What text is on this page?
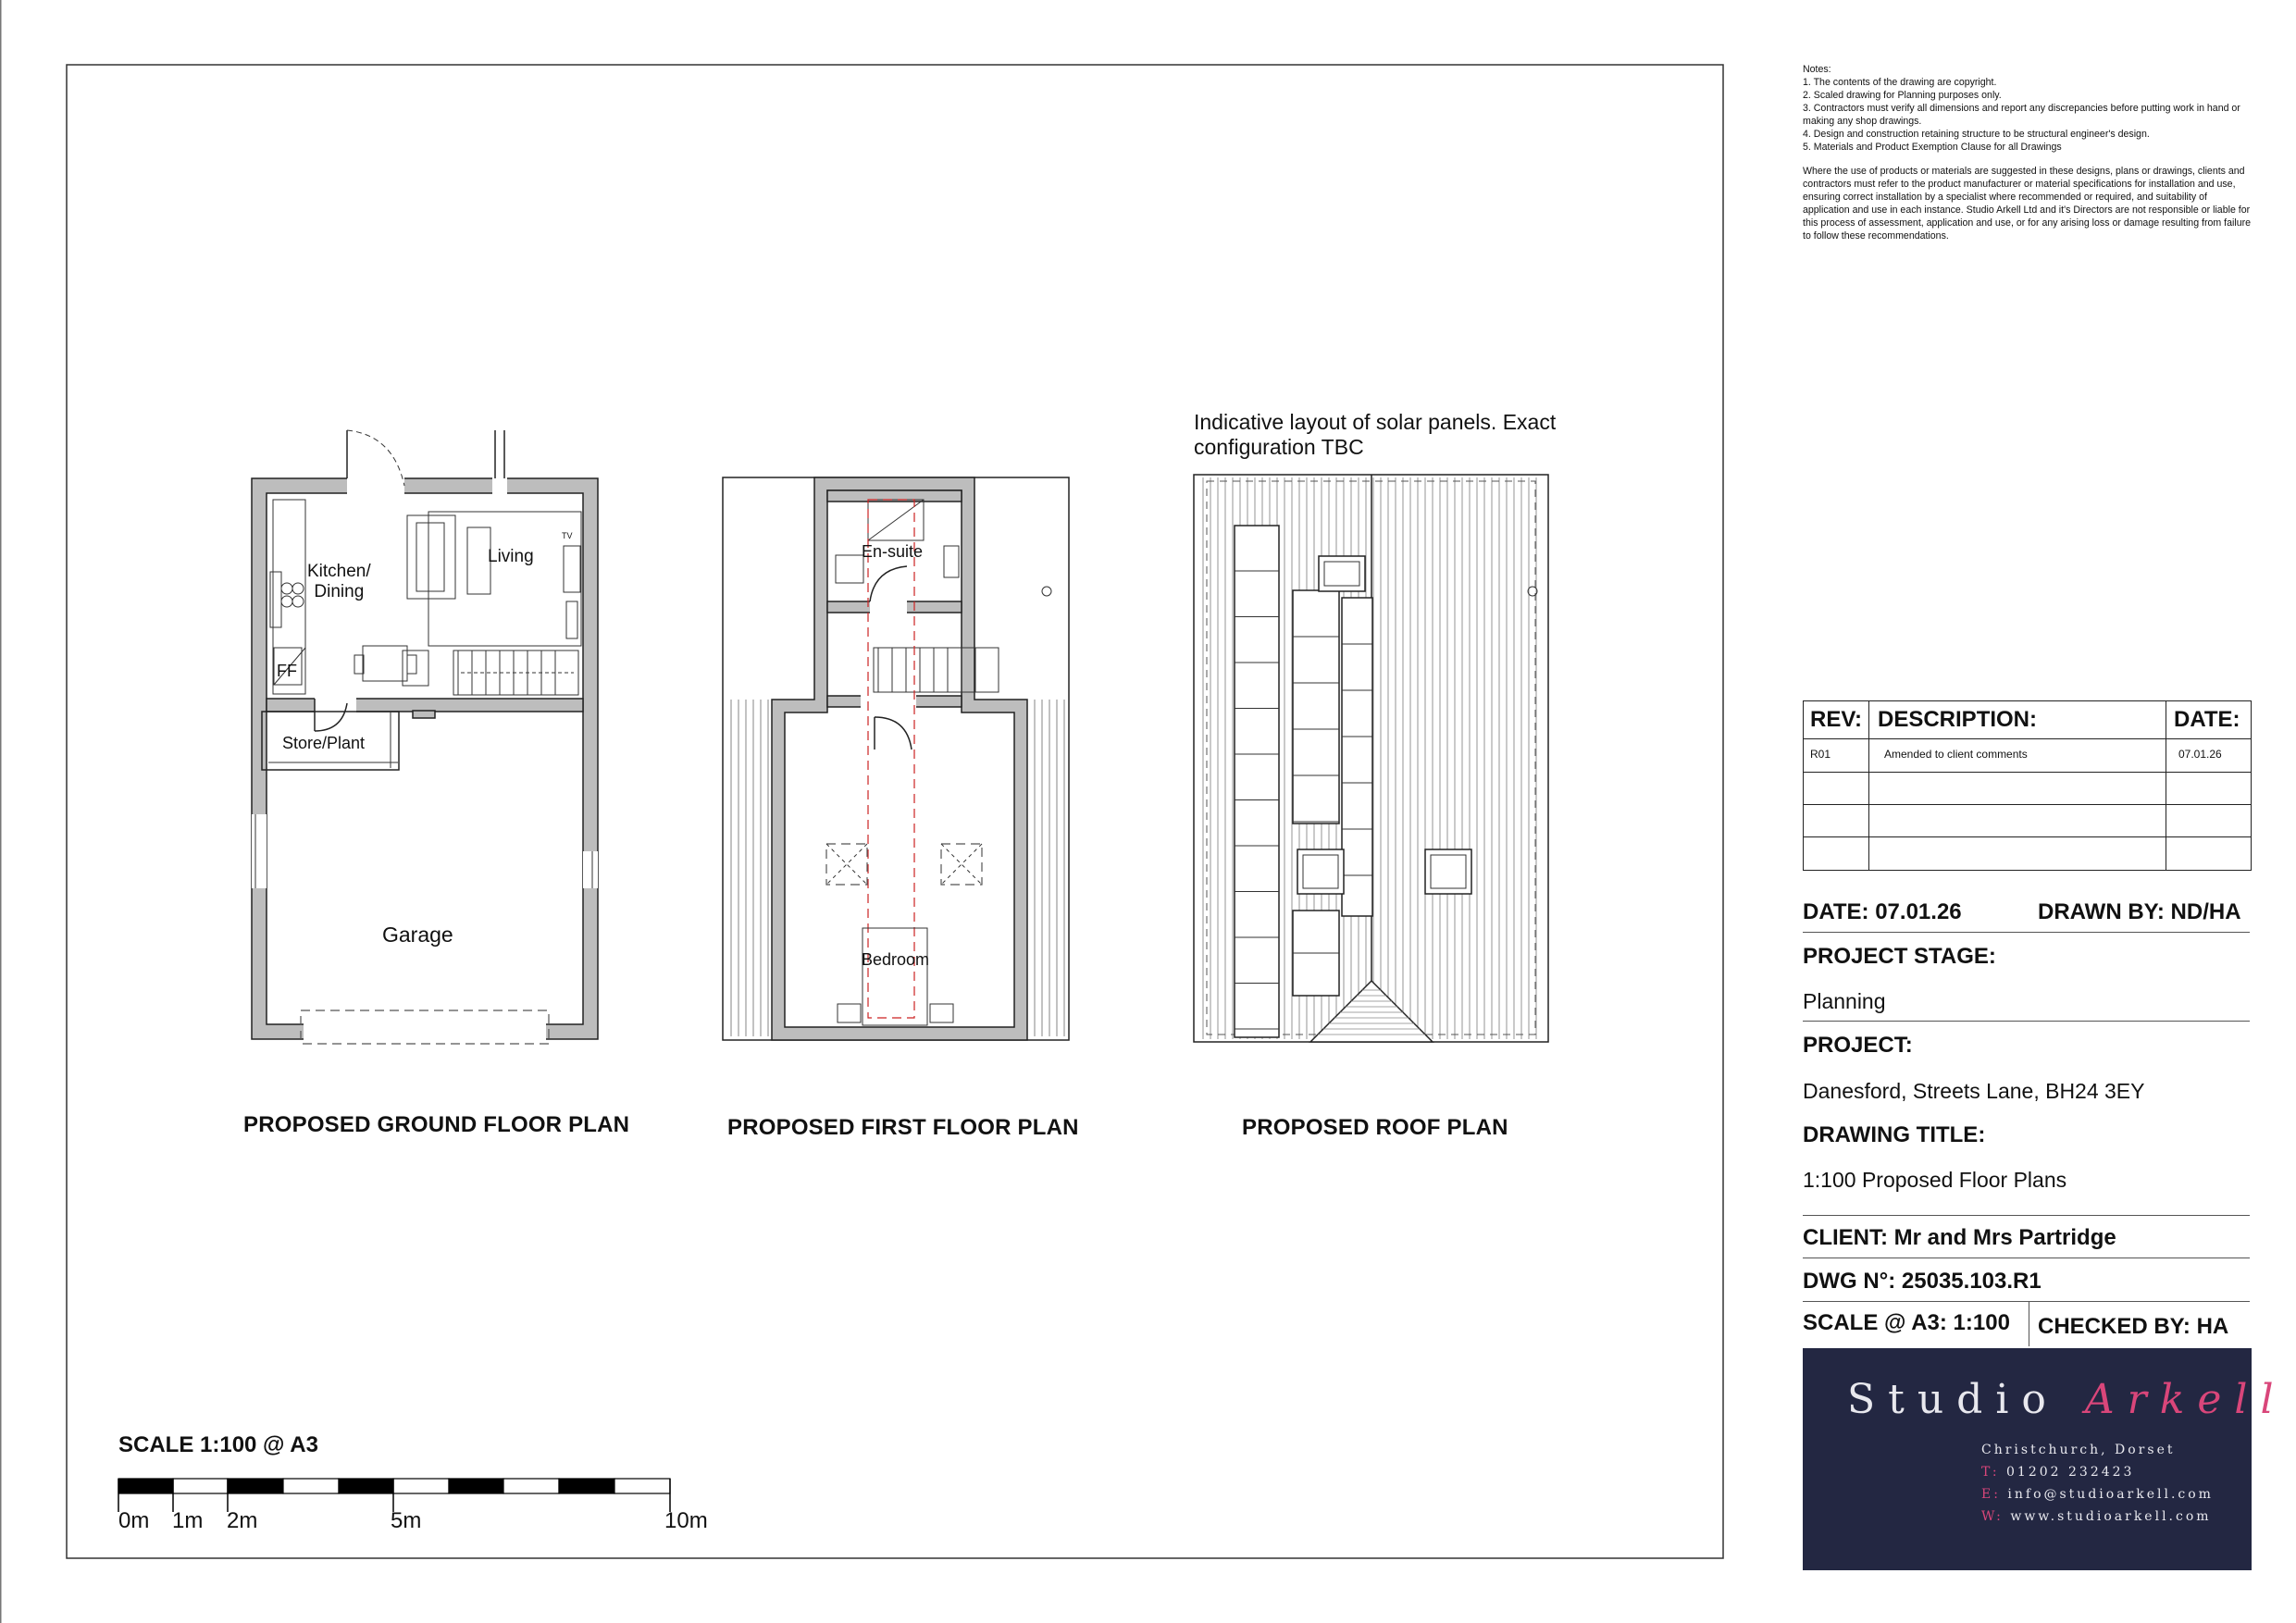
Kitchen/
Dining
Living
TV
FF
Store/Plant
Garage
En-suite
Bedroom
Indicative layout of solar panels. Exact configuration TBC
PROPOSED GROUND FLOOR PLAN	PROPOSED FIRST FLOOR PLAN	PROPOSED ROOF PLAN
SCALE 1:100 @ A3
0m 1m 2m	5m	10m

Notes:

1. The contents of the drawing are copyright.

2. Scaled drawing for Planning purposes only.

3. Contractors must verify all dimensions and report any discrepancies before putting work in hand or making any shop drawings.

4. Design and construction retaining structure to be structural engineer's design.

5. Materials and Product Exemption Clause for all Drawings

Where the use of products or materials are suggested in these designs, plans or drawings, clients and contractors must refer to the product manufacturer or material specifications for installation and use, ensuring correct installation by a specialist where recommended or required, and suitability of application and use in each instance. Studio Arkell Ltd and it's Directors are not responsible or liable for this process of assessment, application and use, or for any arising loss or damage resulting from failure to follow these recommendations.

REV: DESCRIPTION:	DATE:
R01	Amended to client comments	07.01.26
DATE: 07.01.26	DRAWN BY: ND/HA
PROJECT STAGE:
Planning
PROJECT:
Danesford, Streets Lane, BH24 3EY
DRAWING TITLE:
1:100 Proposed Floor Plans
CLIENT: Mr and Mrs Partridge
DWG N°: 25035.103.R1
SCALE @ A3: 1:100 CHECKED BY: HA
Studio Arkell
Christchurch, Dorset
T: 01202 232423
E: info@studioarkell.com
W: www.studioarkell.com
